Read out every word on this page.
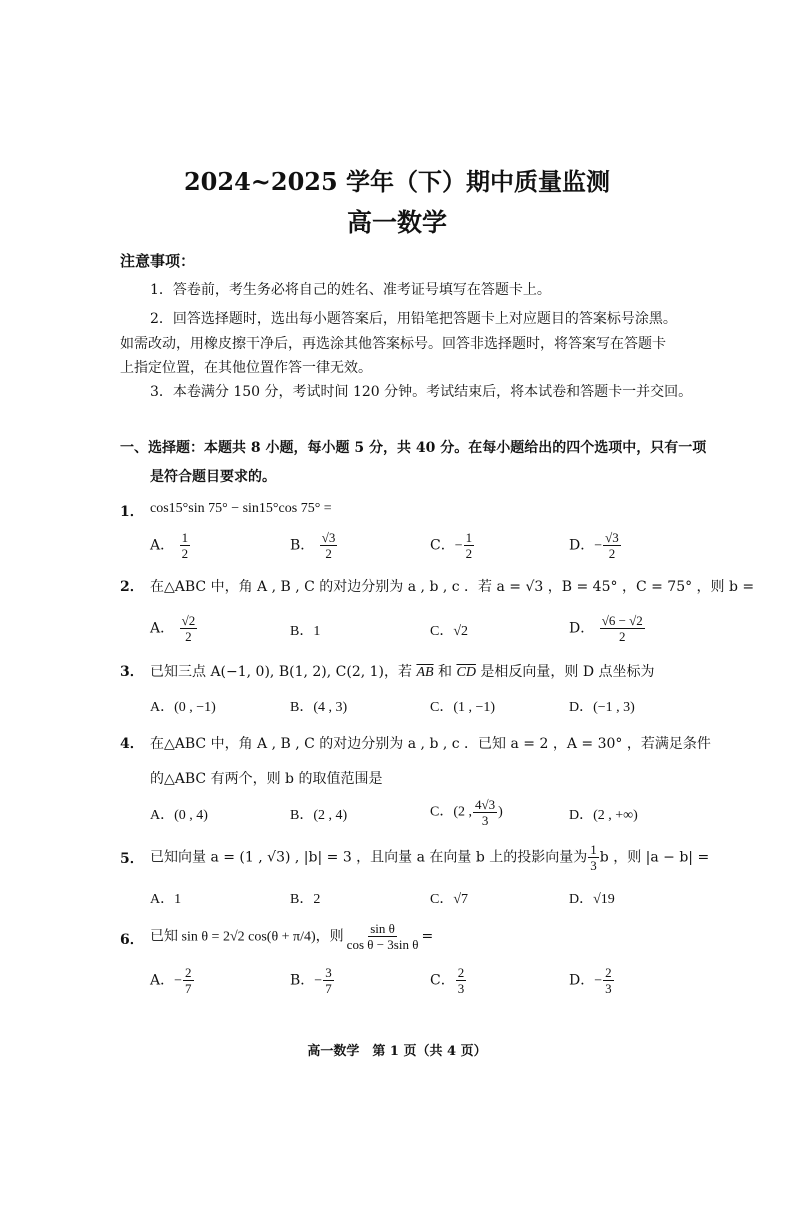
2024~2025 学年（下）期中质量监测
高一数学
注意事项：
1．答卷前，考生务必将自己的姓名、准考证号填写在答题卡上。
2．回答选择题时，选出每小题答案后，用铅笔把答题卡上对应题目的答案标号涂黑。
如需改动，用橡皮擦干净后，再选涂其他答案标号。回答非选择题时，将答案写在答题卡
上指定位置，在其他位置作答一律无效。
3．本卷满分 150 分，考试时间 120 分钟。考试结束后，将本试卷和答题卡一并交回。
一、选择题：本题共 8 小题，每小题 5 分，共 40 分。在每小题给出的四个选项中，只有一项
是符合题目要求的。
1． cos15°sin 75° − sin15°cos 75° =
A． $\frac{1}{2}$	B． $\frac{√3}{2}$	C．− $\frac{1}{2}$	D．− $\frac{√3}{2}$
2． 在△ABC 中，角 A , B , C 的对边分别为 a , b , c ．若 a = √3 ，B = 45° ，C = 75° ，则 b =
A． $\frac{√2}{2}$	B．1	C．√2	D． $\frac{√6 - √2}{2}$
3． 已知三点 A(−1, 0), B(1, 2), C(2, 1)，若 $\overline{AB}$ 和 $\overline{CD}$ 是相反向量，则 D 点坐标为
A．(0 , −1)	B．(4 , 3)	C．(1 , −1)	D．(−1 , 3)
4． 在△ABC 中，角 A , B , C 的对边分别为 a , b , c ．已知 a = 2 ，A = 30° ，若满足条件
的△ABC 有两个，则 b 的取值范围是
A．(0 , 4)	B．(2 , 4)	C．(2 , $\frac{4√3}{3}$ )	D．(2 , +∞)
5． 已知向量 a = (1 , √3) , |b| = 3 ，且向量 a 在向量 b 上的投影向量为 $\frac{1}{3}$ b ，则 |a − b| =
A．1	B．2	C．√7	D．√19
6． 已知 sin θ = 2√2 cos(θ + π/4)，则 $\frac{\text{sin θ}}{\text{cos θ − 3sin θ}}$ =
A．− $\frac{2}{7}$	B．− $\frac{3}{7}$	C． $\frac{2}{3}$	D．− $\frac{2}{3}$
高一数学　第 1 页（共 4 页）
